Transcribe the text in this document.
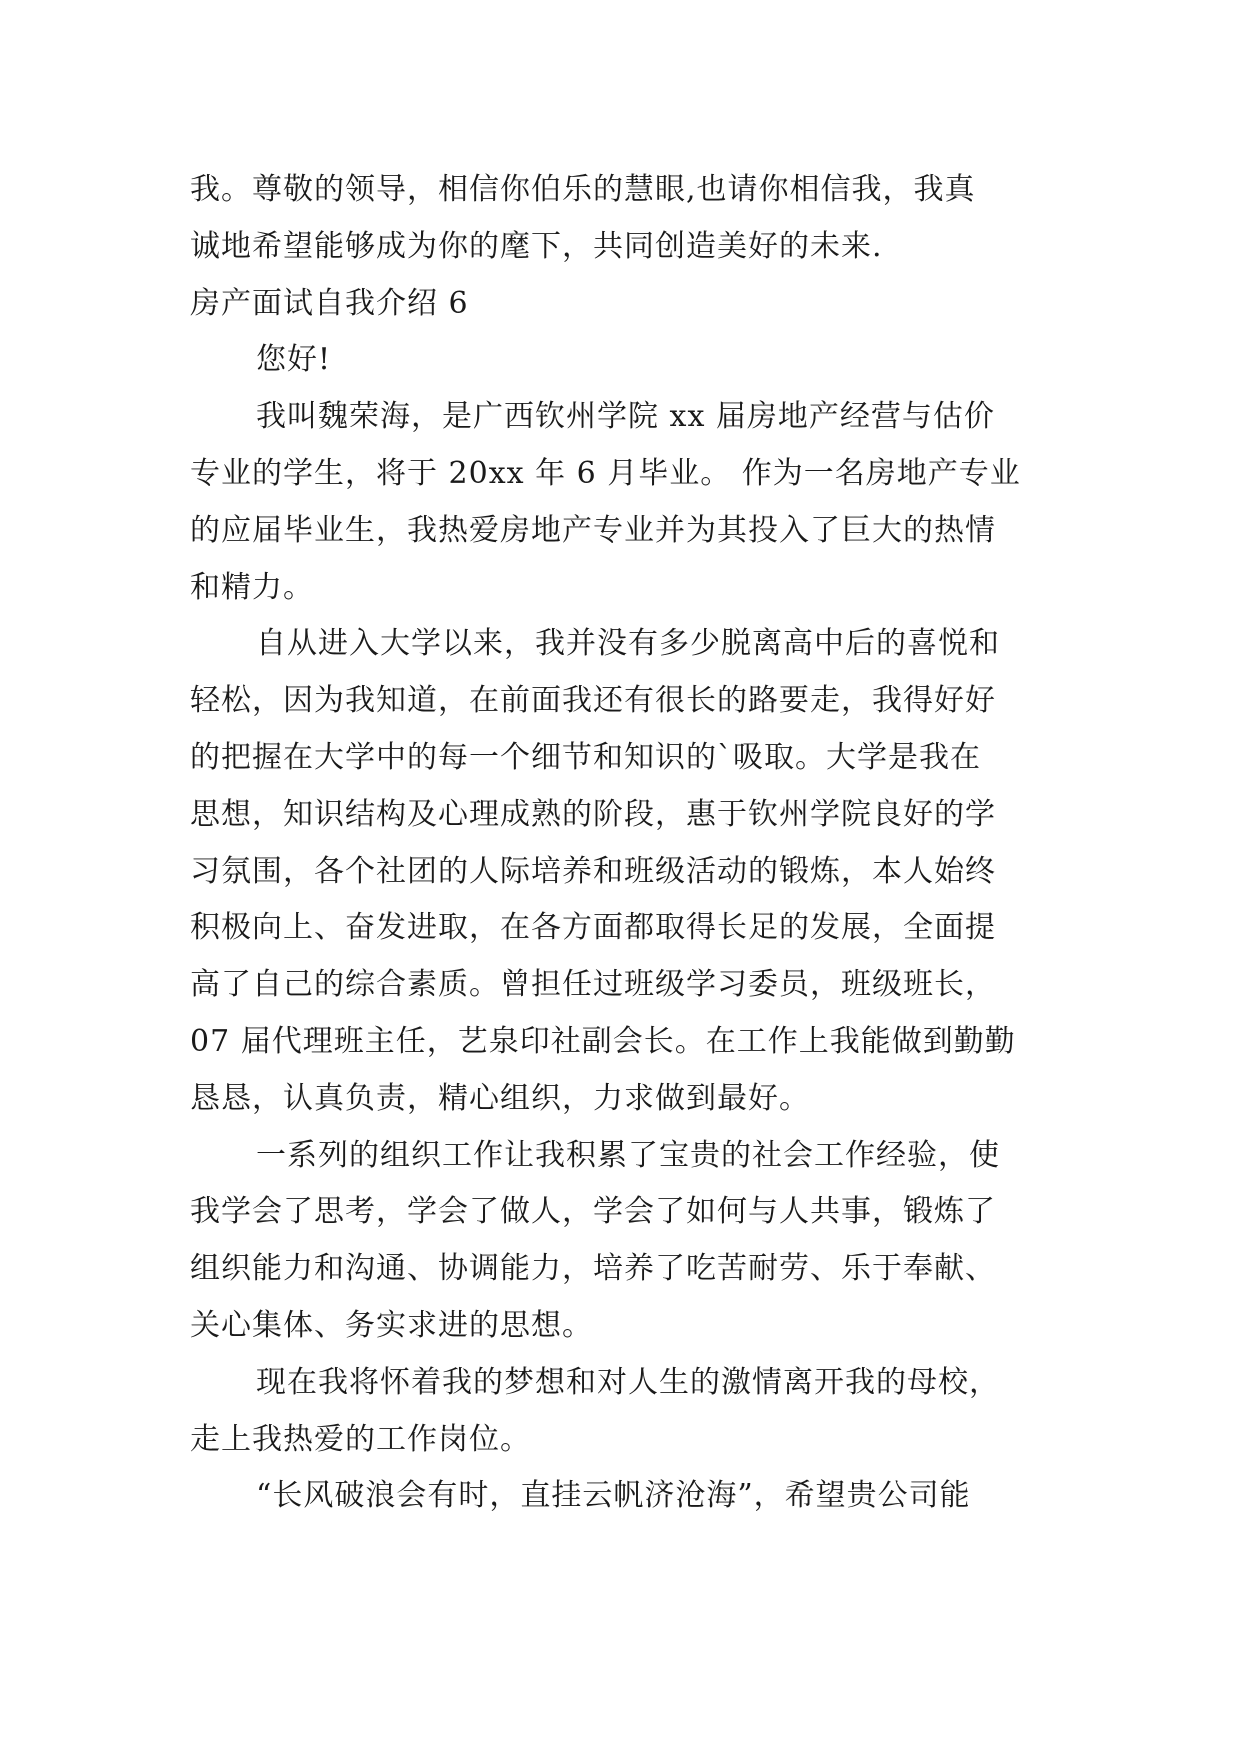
我。尊敬的领导，相信你伯乐的慧眼,也请你相信我，我真
诚地希望能够成为你的麾下，共同创造美好的未来.
房产面试自我介绍 6
您好!
我叫魏荣海，是广西钦州学院 xx 届房地产经营与估价
专业的学生，将于 20xx 年 6 月毕业。 作为一名房地产专业
的应届毕业生，我热爱房地产专业并为其投入了巨大的热情
和精力。
自从进入大学以来，我并没有多少脱离高中后的喜悦和
轻松，因为我知道，在前面我还有很长的路要走，我得好好
的把握在大学中的每一个细节和知识的`吸取。大学是我在
思想，知识结构及心理成熟的阶段，惠于钦州学院良好的学
习氛围，各个社团的人际培养和班级活动的锻炼，本人始终
积极向上、奋发进取，在各方面都取得长足的发展，全面提
高了自己的综合素质。曾担任过班级学习委员，班级班长，
07 届代理班主任，艺泉印社副会长。在工作上我能做到勤勤
恳恳，认真负责，精心组织，力求做到最好。
一系列的组织工作让我积累了宝贵的社会工作经验，使
我学会了思考，学会了做人，学会了如何与人共事，锻炼了
组织能力和沟通、协调能力，培养了吃苦耐劳、乐于奉献、
关心集体、务实求进的思想。
现在我将怀着我的梦想和对人生的激情离开我的母校，
走上我热爱的工作岗位。
“长风破浪会有时，直挂云帆济沧海”，希望贵公司能
